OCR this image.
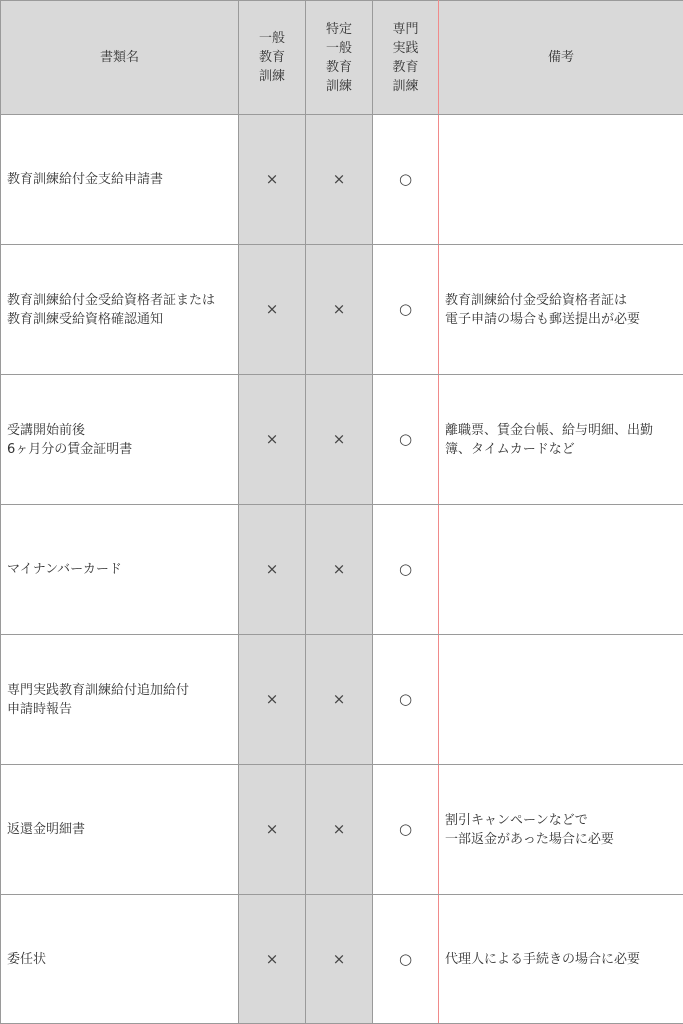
書類名	一般
教育
訓練	特定
一般
教育
訓練	専門
実践
教育
訓練	備考
教育訓練給付金支給申請書	×	×	○	
教育訓練給付金受給資格者証または
教育訓練受給資格確認通知	×	×	○	教育訓練給付金受給資格者証は
電子申請の場合も郵送提出が必要
受講開始前後
6ヶ月分の賃金証明書	×	×	○	離職票、賃金台帳、給与明細、出勤
簿、タイムカードなど
マイナンバーカード	×	×	○	
専門実践教育訓練給付追加給付
申請時報告	×	×	○	
返還金明細書	×	×	○	割引キャンペーンなどで
一部返金があった場合に必要
委任状	×	×	○	代理人による手続きの場合に必要
